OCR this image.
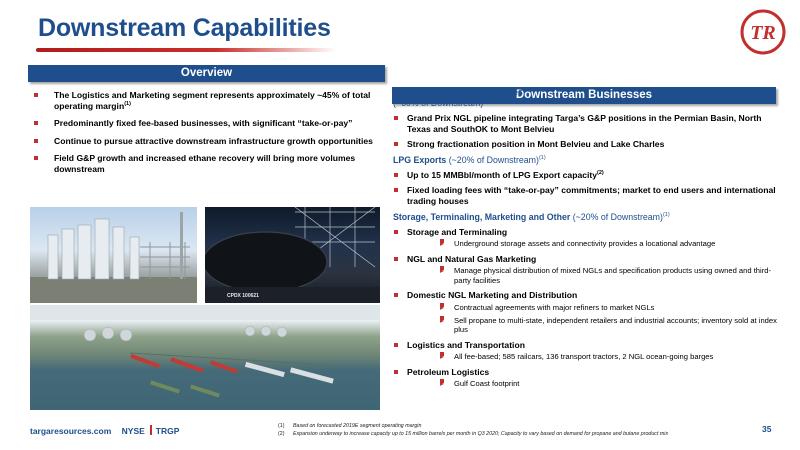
Downstream Capabilities	TR
Overview
Downstream Businesses
The Logistics and Marketing segment represents approximately ~45% of total operating margin$^{(1)}$
Predominantly fixed fee-based businesses, with significant “take-or-pay”
Continue to pursue attractive downstream infrastructure growth opportunities
Field G&P growth and increased ethane recovery will bring more volumes downstream
CPDX 100621
NGL Transportation & Services
(~60% of Downstream)$^{(1)}$
Grand Prix NGL pipeline integrating Targa’s G&P positions in the Permian Basin, North Texas and SouthOK to Mont Belvieu
Strong fractionation position in Mont Belvieu and Lake Charles
LPG Exports (~20% of Downstream)$^{(1)}$
Up to 15 MMBbl/month of LPG Export capacity$^{(2)}$
Fixed loading fees with “take-or-pay” commitments; market to end users and international trading houses
Storage, Terminaling, Marketing and Other (~20% of Downstream)$^{(1)}$
Storage and Terminaling
▸ Underground storage assets and connectivity provides a locational advantage
NGL and Natural Gas Marketing
▸ Manage physical distribution of mixed NGLs and specification products using owned and third-party facilities
Domestic NGL Marketing and Distribution
▸ Contractual agreements with major refiners to market NGLs
▸ Sell propane to multi-state, independent retailers and industrial accounts; inventory sold at index plus
Logistics and Transportation
▸ All fee-based; 585 railcars, 136 transport tractors, 2 NGL ocean-going barges
Petroleum Logistics
▸ Gulf Coast footprint
targaresources.com NYSE TRGP	(1) Based on forecasted 2019E segment operating margin
(2) Expansion underway to increase capacity up to 15 million barrels per month in Q3 2020; Capacity to vary based on demand for propane and butane product mix	35
